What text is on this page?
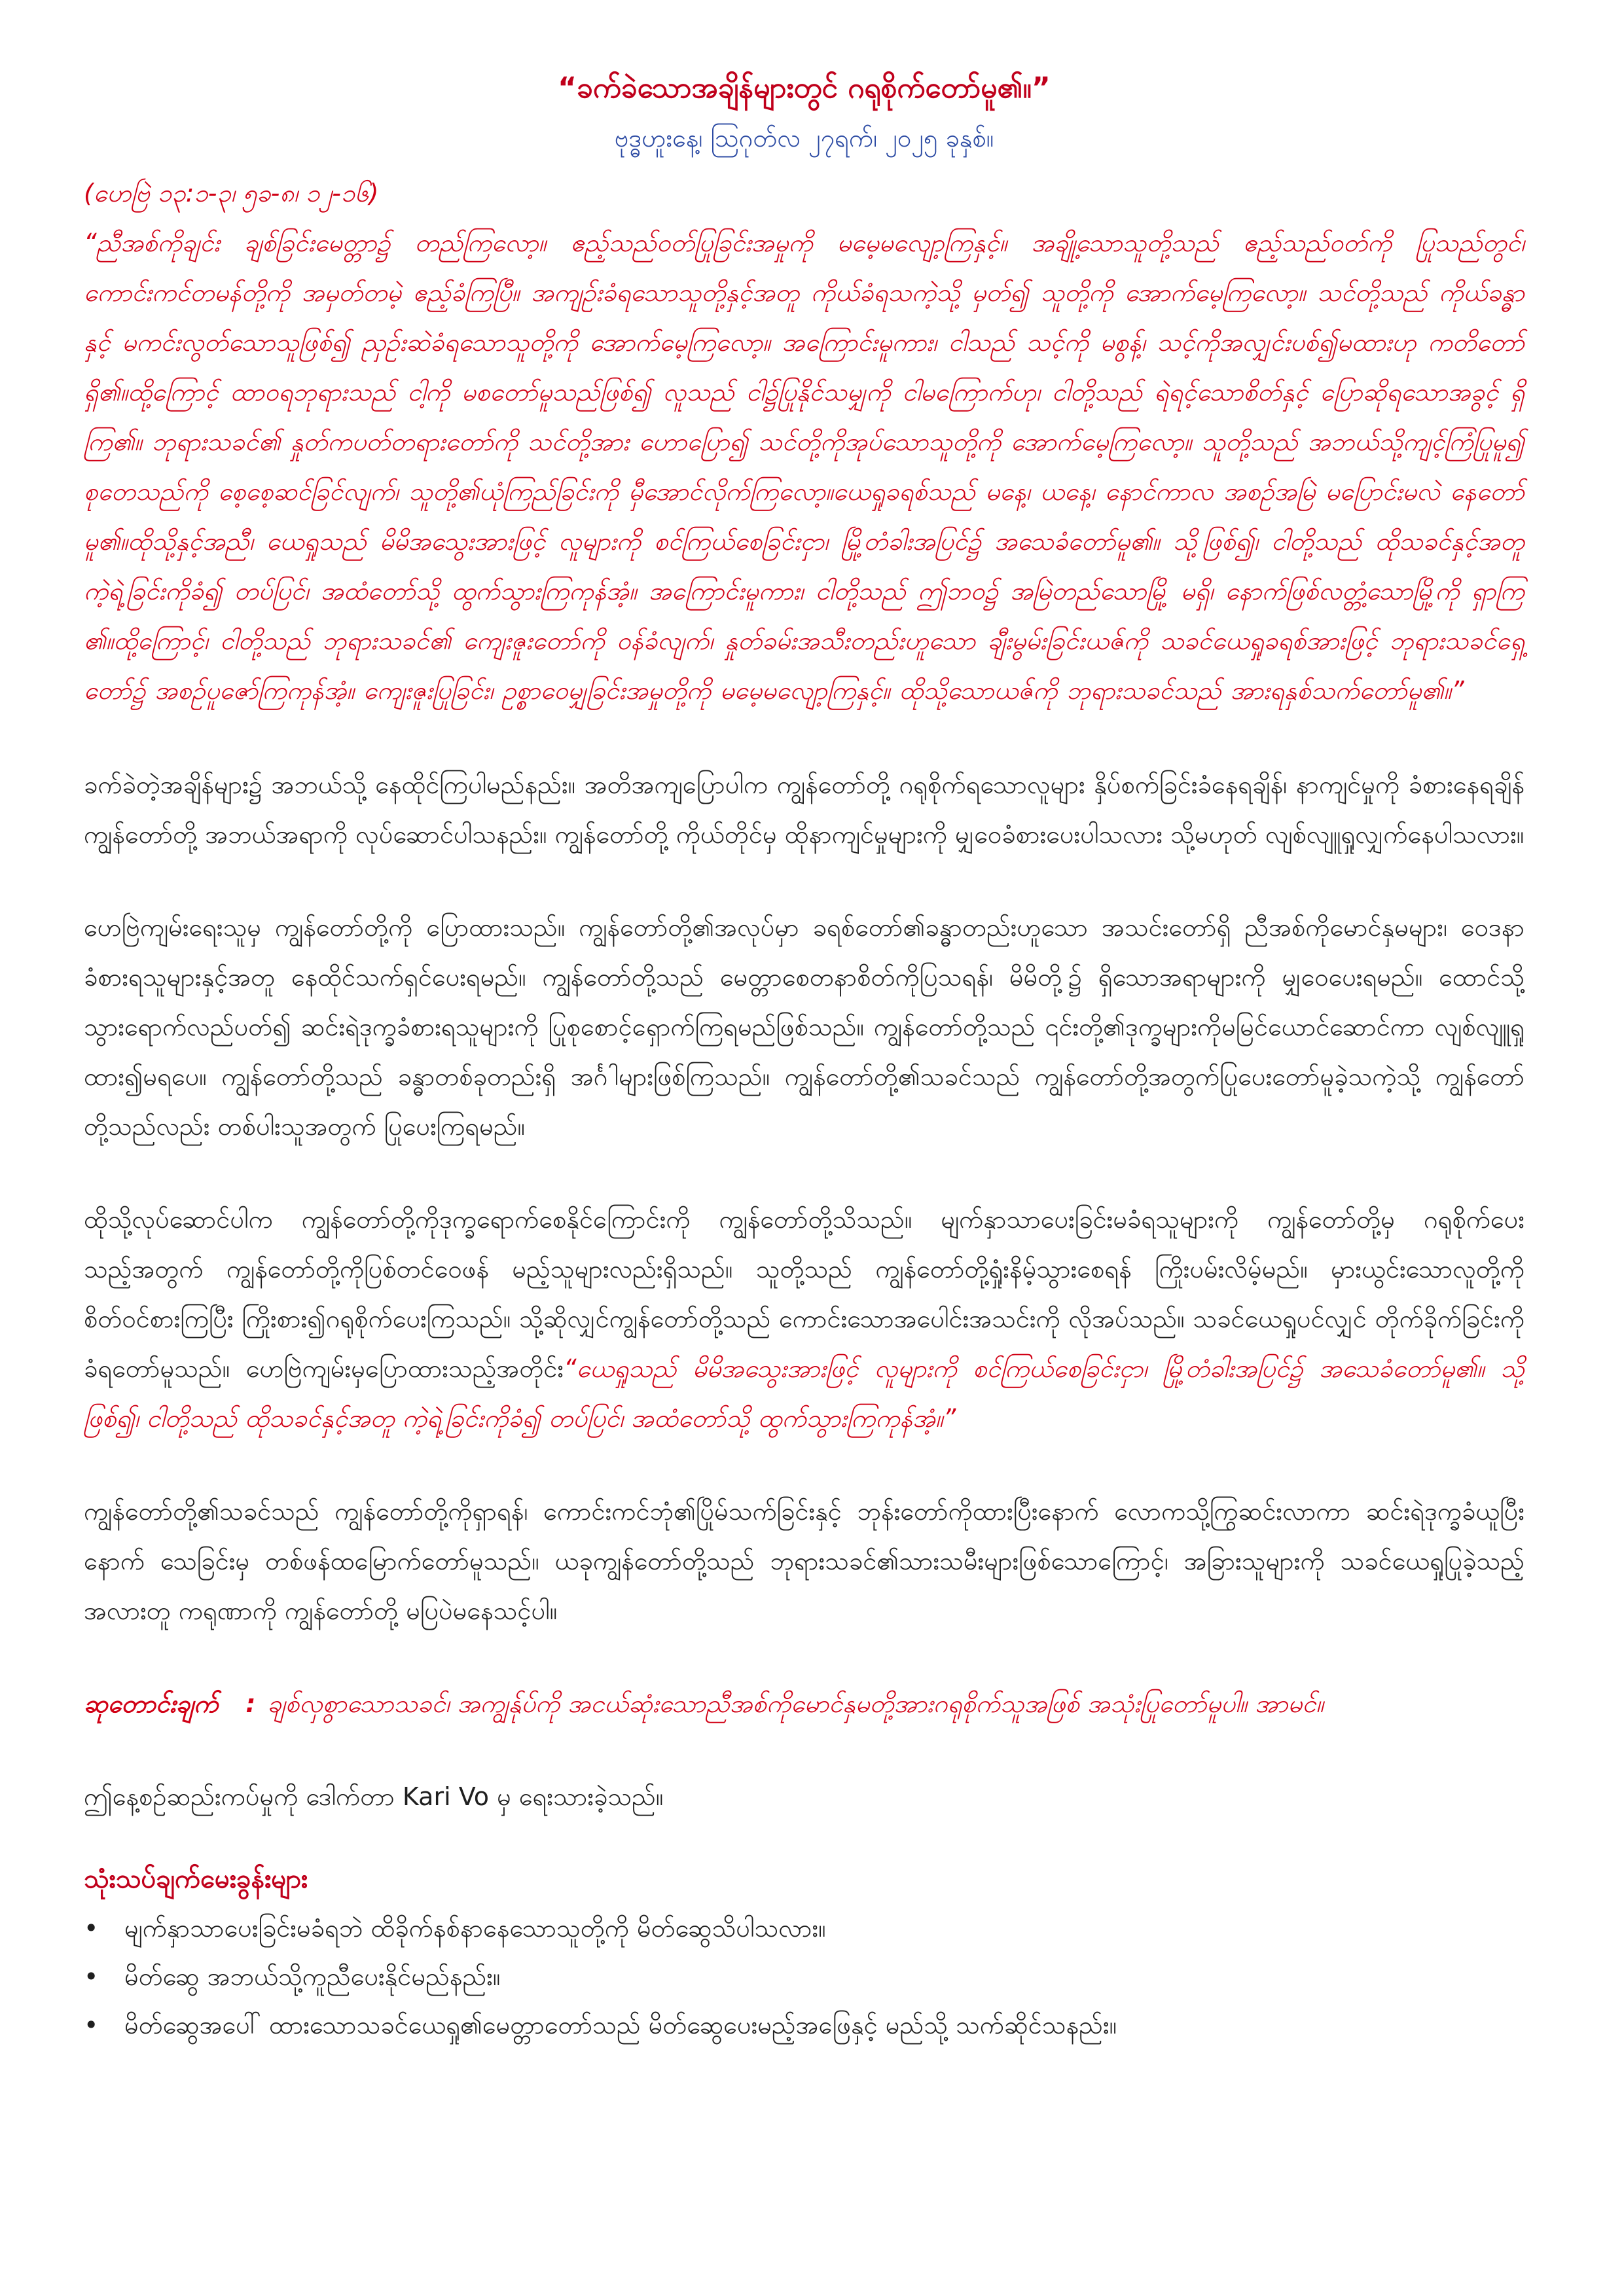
“ခက်ခဲသောအချိန်များတွင် ဂရုစိုက်တော်မူ၏။”
ဗုဒ္ဓဟူးနေ့၊ ဩဂုတ်လ ၂၇ရက်၊ ၂၀၂၅ ခုနှစ်။
(ဟေဗြဲ ၁၃:၁-၃၊ ၅ခ-၈၊ ၁၂-၁၆)
“ညီအစ်ကိုချင်း ချစ်ခြင်းမေတ္တာ၌ တည်ကြလော့။ ဧည့်သည်ဝတ်ပြုခြင်းအမှုကို မမေ့မလျော့ကြနှင့်။ အချို့သောသူတို့သည် ဧည့်သည်ဝတ်ကို ပြုသည်တွင်၊ ကောင်းကင်တမန်တို့ကို အမှတ်တမဲ့ ဧည့်ခံကြပြီ။ အကျဉ်းခံရသောသူတို့နှင့်အတူ ကိုယ်ခံရသကဲ့သို့ မှတ်၍ သူတို့ကို အောက်မေ့ကြလော့။ သင်တို့သည် ကိုယ်ခန္ဓာနှင့် မကင်းလွတ်သောသူဖြစ်၍ ညှဉ်းဆဲခံရသောသူတို့ကို အောက်မေ့ကြလော့။ အကြောင်းမူကား၊ ငါသည် သင့်ကို မစွန့်၊ သင့်ကိုအလျှင်းပစ်၍မထားဟု ကတိတော်ရှိ၏။ထို့ကြောင့် ထာဝရဘုရားသည် ငါ့ကို မစတော်မူသည်ဖြစ်၍ လူသည် ငါ၌ပြုနိုင်သမျှကို ငါမကြောက်ဟု၊ ငါတို့သည် ရဲရင့်သောစိတ်နှင့် ပြောဆိုရသောအခွင့် ရှိကြ၏။ ဘုရားသခင်၏ နှုတ်ကပတ်တရားတော်ကို သင်တို့အား ဟောပြော၍ သင်တို့ကိုအုပ်သောသူတို့ကို အောက်မေ့ကြလော့။ သူတို့သည် အဘယ်သို့ကျင့်ကြံပြုမူ၍ စုတေသည်ကို စေ့စေ့ဆင်ခြင်လျက်၊ သူတို့၏ယုံကြည်ခြင်းကို မှီအောင်လိုက်ကြလော့။ယေရှုခရစ်သည် မနေ့၊ ယနေ့၊ နောင်ကာလ အစဉ်အမြဲ မပြောင်းမလဲ နေတော်မူ၏။ထိုသို့နှင့်အညီ၊ ယေရှုသည် မိမိအသွေးအားဖြင့် လူများကို စင်ကြယ်စေခြင်းငှာ၊ မြို့တံခါးအပြင်၌ အသေခံတော်မူ၏။ သို့ဖြစ်၍၊ ငါတို့သည် ထိုသခင်နှင့်အတူ ကဲ့ရဲ့ခြင်းကိုခံ၍ တပ်ပြင်၊ အထံတော်သို့ ထွက်သွားကြကုန်အံ့။ အကြောင်းမူကား၊ ငါတို့သည် ဤဘဝ၌ အမြဲတည်သောမြို့ မရှိ၊ နောက်ဖြစ်လတ္တံ့သောမြို့ကို ရှာကြ ၏။ထို့ကြောင့်၊ ငါတို့သည် ဘုရားသခင်၏ ကျေးဇူးတော်ကို ဝန်ခံလျက်၊ နှုတ်ခမ်းအသီးတည်းဟူသော ချီးမွမ်းခြင်းယဇ်ကို သခင်ယေရှုခရစ်အားဖြင့် ဘုရားသခင်ရှေ့တော်၌ အစဉ်ပူဇော်ကြကုန်အံ့။ ကျေးဇူးပြုခြင်း၊ ဥစ္စာဝေမျှခြင်းအမှုတို့ကို မမေ့မလျော့ကြနှင့်။ ထိုသို့သောယဇ်ကို ဘုရားသခင်သည် အားရနှစ်သက်တော်မူ၏။”

ခက်ခဲတဲ့အချိန်များ၌ အဘယ်သို့ နေထိုင်ကြပါမည်နည်း။ အတိအကျပြောပါက ကျွန်တော်တို့ ဂရုစိုက်ရသောလူများ နှိပ်စက်ခြင်းခံနေရချိန်၊ နာကျင်မှုကို ခံစားနေရချိန် ကျွန်တော်တို့ အဘယ်အရာကို လုပ်ဆောင်ပါသနည်း။ ကျွန်တော်တို့ ကိုယ်တိုင်မှ ထိုနာကျင်မှုများကို မျှဝေခံစားပေးပါသလား သို့မဟုတ် လျစ်လျူရှုလျှက်နေပါသလား။

ဟေဗြဲကျမ်းရေးသူမှ ကျွန်တော်တို့ကို ပြောထားသည်။ ကျွန်တော်တို့၏အလုပ်မှာ ခရစ်တော်၏ခန္ဓာတည်းဟူသော အသင်းတော်ရှိ ညီအစ်ကိုမောင်နှမများ၊ ဝေဒနာခံစားရသူများနှင့်အတူ နေထိုင်သက်ရှင်ပေးရမည်။ ကျွန်တော်တို့သည် မေတ္တာစေတနာစိတ်ကိုပြသရန်၊ မိမိတို့၌ ရှိသောအရာများကို မျှဝေပေးရမည်။ ထောင်သို့သွားရောက်လည်ပတ်၍ ဆင်းရဲဒုက္ခခံစားရသူများကို ပြုစုစောင့်ရှောက်ကြရမည်ဖြစ်သည်။ ကျွန်တော်တို့သည် ၎င်းတို့၏ဒုက္ခများကိုမမြင်ယောင်ဆောင်ကာ လျစ်လျူရှုထား၍မရပေ။ ကျွန်တော်တို့သည် ခန္ဓာတစ်ခုတည်းရှိ အင်္ဂါများဖြစ်ကြသည်။ ကျွန်တော်တို့၏သခင်သည် ကျွန်တော်တို့အတွက်ပြုပေးတော်မူခဲ့သကဲ့သို့ ကျွန်တော်တို့သည်လည်း တစ်ပါးသူအတွက် ပြုပေးကြရမည်။

ထိုသို့လုပ်ဆောင်ပါက ကျွန်တော်တို့ကိုဒုက္ခရောက်စေနိုင်ကြောင်းကို ကျွန်တော်တို့သိသည်။ မျက်နှာသာပေးခြင်းမခံရသူများကို ကျွန်တော်တို့မှ ဂရုစိုက်ပေးသည့်အတွက် ကျွန်တော်တို့ကိုပြစ်တင်ဝေဖန် မည့်သူများလည်းရှိသည်။ သူတို့သည် ကျွန်တော်တို့ရှုံးနိမ့်သွားစေရန် ကြိုးပမ်းလိမ့်မည်။ မှားယွင်းသောလူတို့ကို စိတ်ဝင်စားကြပြီး ကြိုးစား၍ဂရုစိုက်ပေးကြသည်။ သို့ဆိုလျှင်ကျွန်တော်တို့သည် ကောင်းသောအပေါင်းအသင်းကို လိုအပ်သည်။ သခင်ယေရှုပင်လျှင် တိုက်ခိုက်ခြင်းကို ခံရတော်မူသည်။ ဟေဗြဲကျမ်းမှပြောထားသည့်အတိုင်း“ယေရှုသည် မိမိအသွေးအားဖြင့် လူများကို စင်ကြယ်စေခြင်းငှာ၊ မြို့တံခါးအပြင်၌ အသေခံတော်မူ၏။ သို့ဖြစ်၍၊ ငါတို့သည် ထိုသခင်နှင့်အတူ ကဲ့ရဲ့ခြင်းကိုခံ၍ တပ်ပြင်၊ အထံတော်သို့ ထွက်သွားကြကုန်အံ့။”

ကျွန်တော်တို့၏သခင်သည် ကျွန်တော်တို့ကိုရှာရန်၊ ကောင်းကင်ဘုံ၏ပြိုမ်သက်ခြင်းနှင့် ဘုန်းတော်ကိုထားပြီးနောက် လောကသို့ကြွဆင်းလာကာ ဆင်းရဲဒုက္ခခံယူပြီးနောက် သေခြင်းမှ တစ်ဖန်ထမြောက်တော်မူသည်။ ယခုကျွန်တော်တို့သည် ဘုရားသခင်၏သားသမီးများဖြစ်သောကြောင့်၊ အခြားသူများကို သခင်ယေရှုပြုခဲ့သည့်အလားတူ ကရုဏာကို ကျွန်တော်တို့ မပြပဲမနေသင့်ပါ။

ဆုတောင်းချက် : ချစ်လှစွာသောသခင်၊ အကျွန်ုပ်ကို အငယ်ဆုံးသောညီအစ်ကိုမောင်နှမတို့အားဂရုစိုက်သူအဖြစ် အသုံးပြုတော်မူပါ။ အာမင်။
ဤနေ့စဉ်ဆည်းကပ်မှုကို ဒေါက်တာ Kari Vo မှ ရေးသားခဲ့သည်။
သုံးသပ်ချက်မေးခွန်းများ
•	မျက်နှာသာပေးခြင်းမခံရဘဲ ထိခိုက်နစ်နာနေသောသူတို့ကို မိတ်ဆွေသိပါသလား။
•	မိတ်ဆွေ အဘယ်သို့ကူညီပေးနိုင်မည်နည်း။
•	မိတ်ဆွေအပေါ် ထားသောသခင်ယေရှု၏မေတ္တာတော်သည် မိတ်ဆွေပေးမည့်အဖြေနှင့် မည်သို့ သက်ဆိုင်သနည်း။
